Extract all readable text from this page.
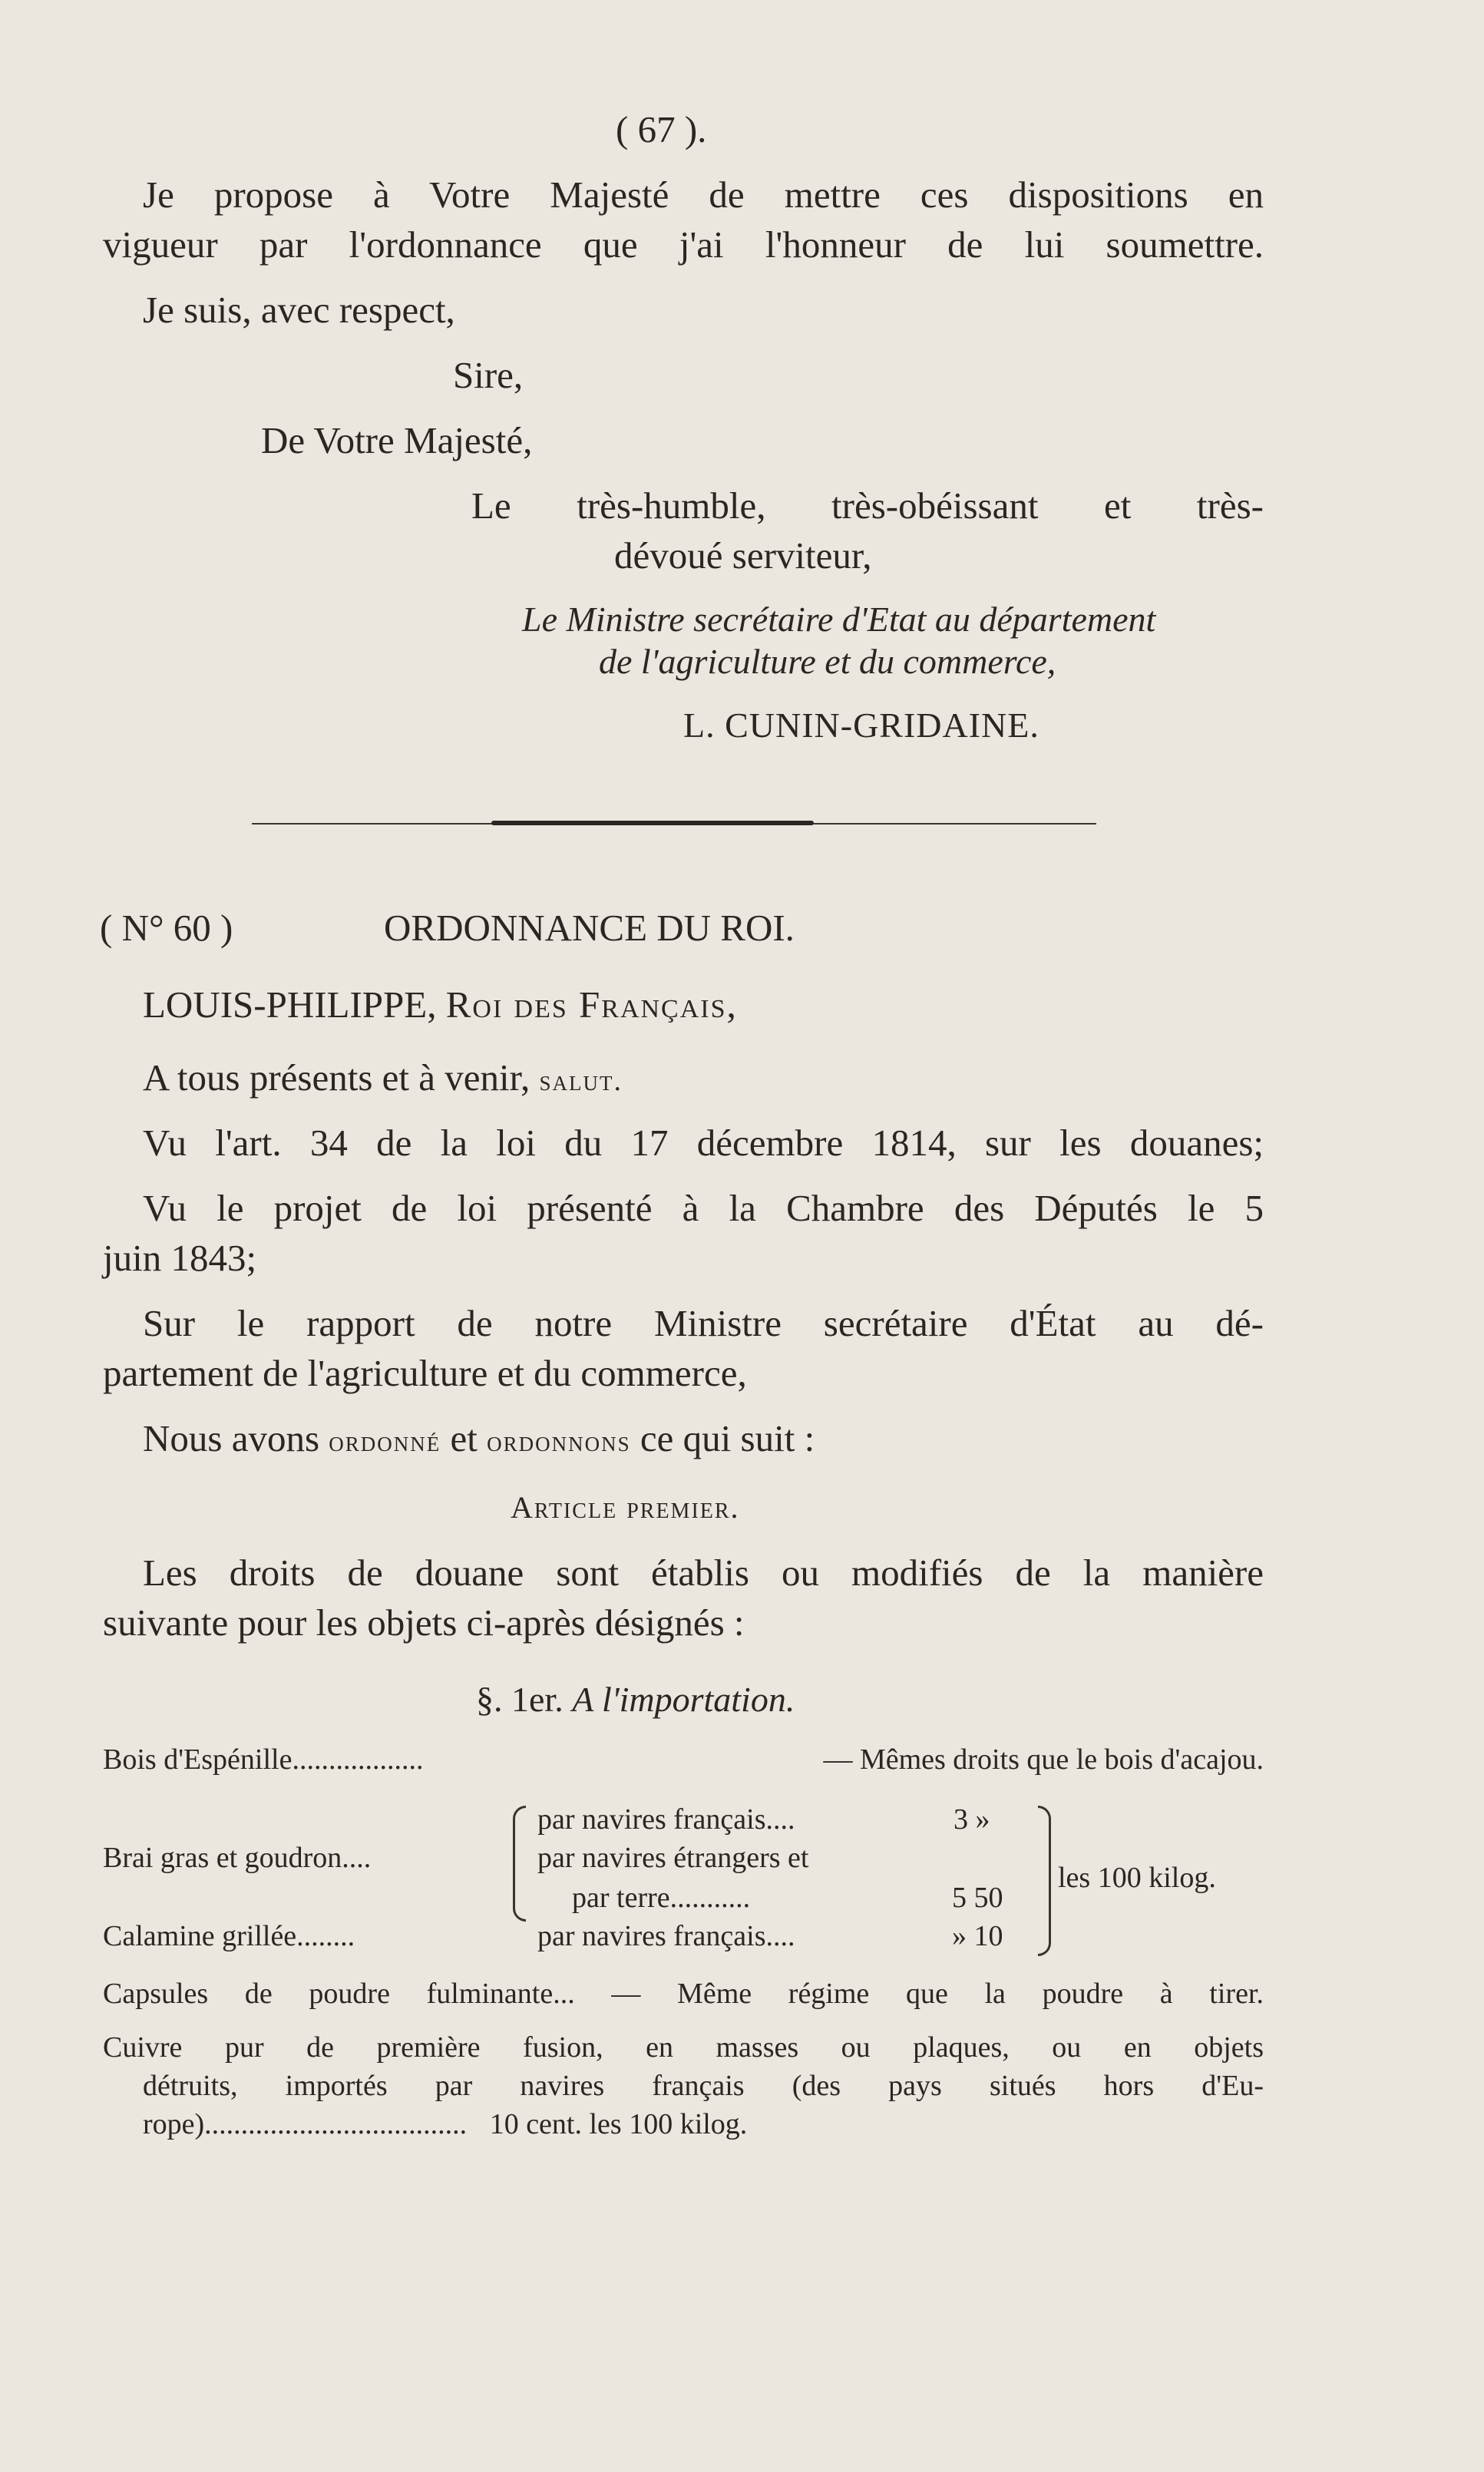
( 67 ).
Je propose à Votre Majesté de mettre ces dispositions en
vigueur par l'ordonnance que j'ai l'honneur de lui soumettre.
Je suis, avec respect,
Sire,
De Votre Majesté,
Le très-humble, très-obéissant et très-
dévoué serviteur,
Le Ministre secrétaire d'Etat au département
de l'agriculture et du commerce,
L. CUNIN-GRIDAINE.
( N° 60 )	ORDONNANCE DU ROI.
LOUIS-PHILIPPE, Roi des Français,
A tous présents et à venir, salut.
Vu l'art. 34 de la loi du 17 décembre 1814, sur les douanes;
Vu le projet de loi présenté à la Chambre des Députés le 5
juin 1843;
Sur le rapport de notre Ministre secrétaire d'État au dé-
partement de l'agriculture et du commerce,
Nous avons ordonné et ordonnons ce qui suit :
Article premier.
Les droits de douane sont établis ou modifiés de la manière
suivante pour les objets ci-après désignés :
§. 1er. A l'importation.
Bois d'Espénille..................	— Mêmes droits que le bois d'acajou.
Brai gras et goudron....
par navires français....	3 »
par navires étrangers et
par terre...........	5 50
Calamine grillée........	par navires français....	» 10
les 100 kilog.
Capsules de poudre fulminante... — Même régime que la poudre à tirer.
Cuivre pur de première fusion, en masses ou plaques, ou en objets
détruits, importés par navires français (des pays situés hors d'Eu-
rope).................................... 10 cent. les 100 kilog.
